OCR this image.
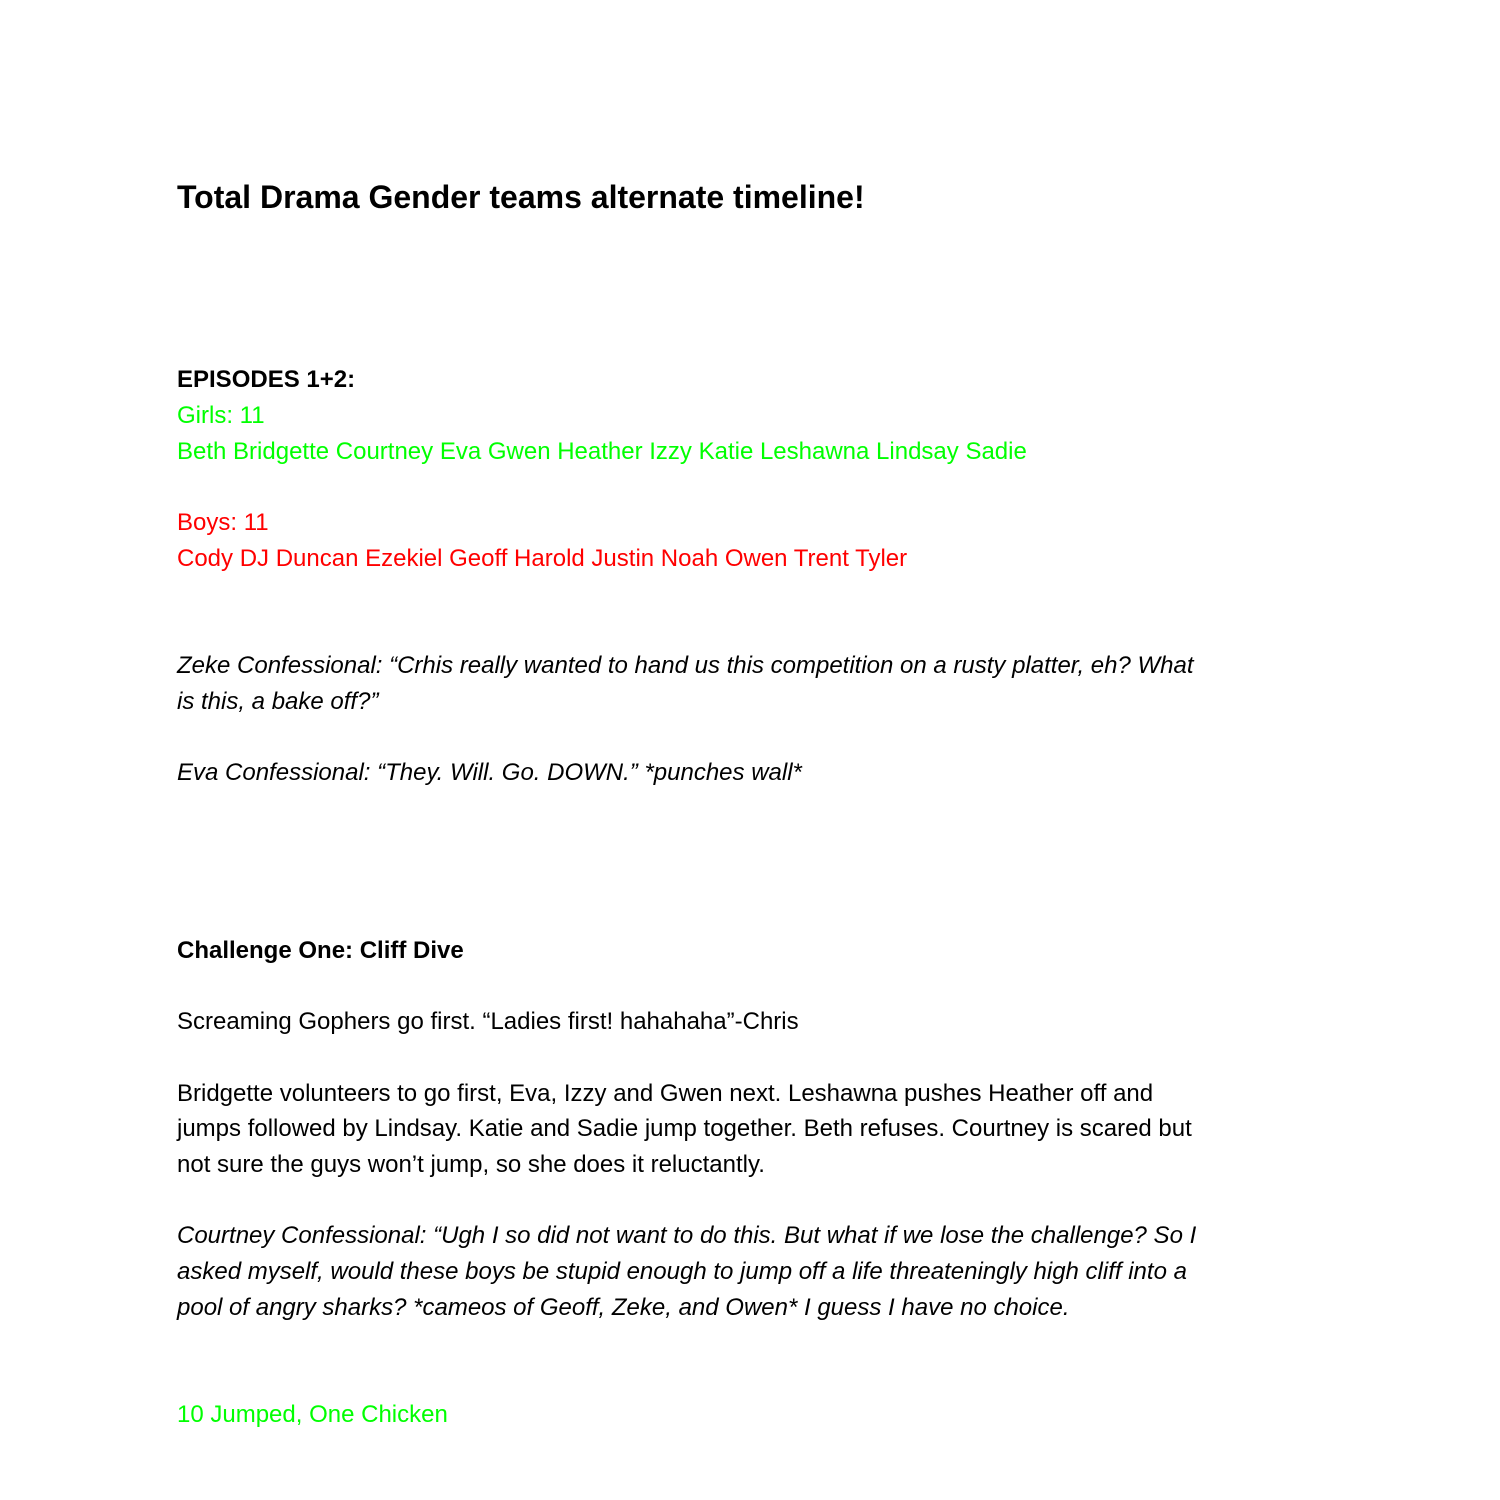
Total Drama Gender teams alternate timeline!
EPISODES 1+2:
Girls: 11
Beth Bridgette Courtney Eva Gwen Heather Izzy Katie Leshawna Lindsay Sadie
Boys: 11
Cody DJ Duncan Ezekiel Geoff Harold Justin Noah Owen Trent Tyler
Zeke Confessional: “Crhis really wanted to hand us this competition on a rusty platter, eh? What
is this, a bake off?”
Eva Confessional: “They. Will. Go. DOWN.” *punches wall*
Challenge One: Cliff Dive
Screaming Gophers go first. “Ladies first! hahahaha”-Chris
Bridgette volunteers to go first, Eva, Izzy and Gwen next. Leshawna pushes Heather off and
jumps followed by Lindsay. Katie and Sadie jump together. Beth refuses. Courtney is scared but
not sure the guys won’t jump, so she does it reluctantly.
Courtney Confessional: “Ugh I so did not want to do this. But what if we lose the challenge? So I
asked myself, would these boys be stupid enough to jump off a life threateningly high cliff into a
pool of angry sharks? *cameos of Geoff, Zeke, and Owen* I guess I have no choice.
10 Jumped, One Chicken
